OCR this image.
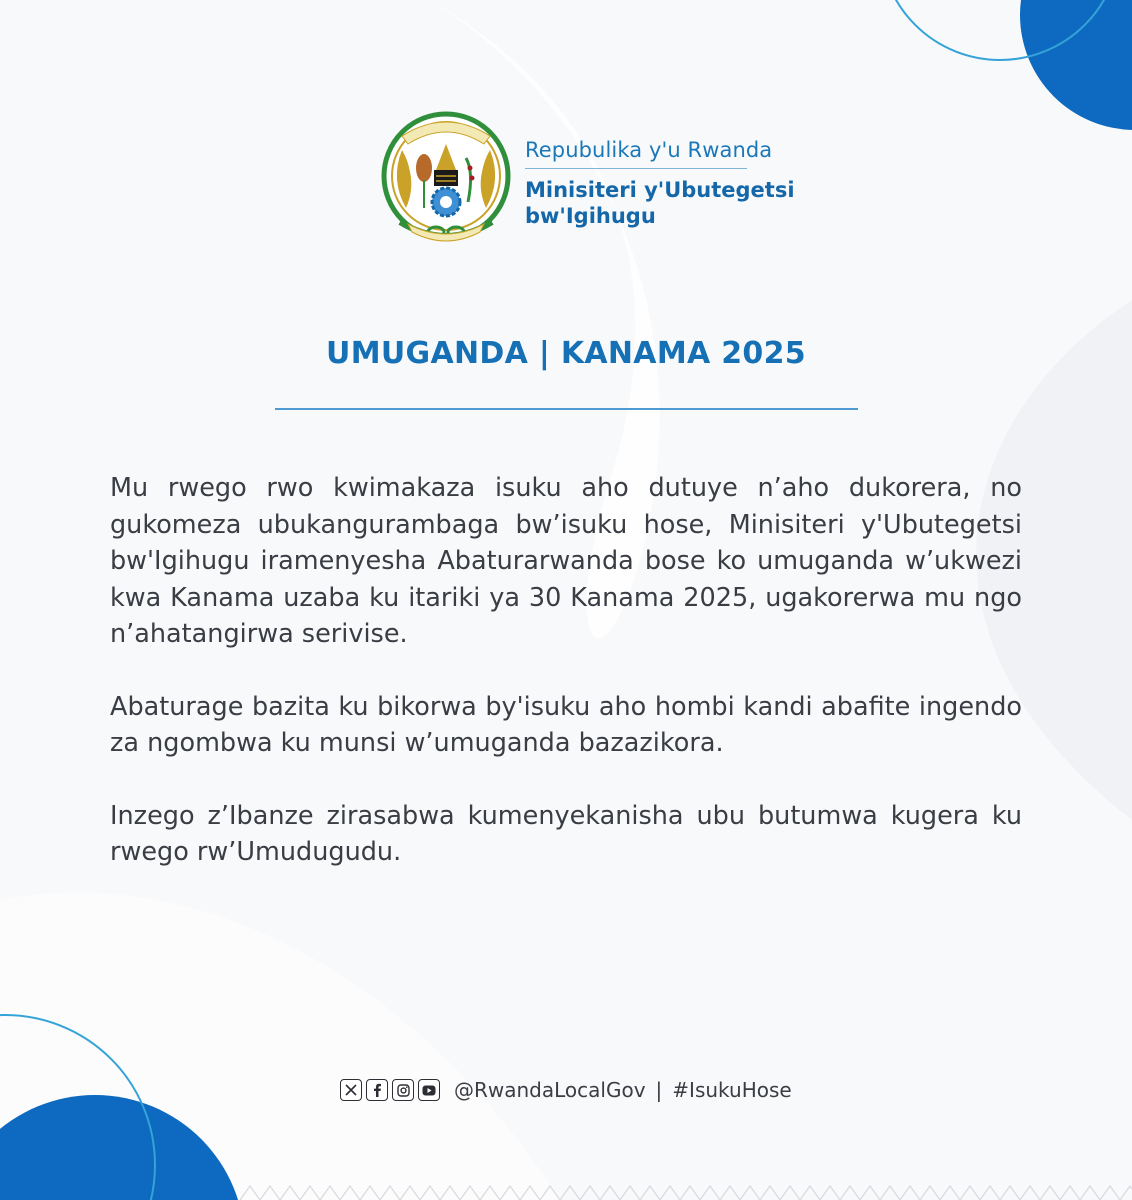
Repubulika y'u Rwanda
Minisiteri y'Ubutegetsi
bw'Igihugu
UMUGANDA | KANAMA 2025

Mu rwego rwo kwimakaza isuku aho dutuye n’aho dukorera, no gukomeza ubukangurambaga bw’isuku hose, Minisiteri y'Ubutegetsi bw'Igihugu iramenyesha Abaturarwanda bose ko umuganda w’ukwezi kwa Kanama uzaba ku itariki ya 30 Kanama 2025, ugakorerwa mu ngo n’ahatangirwa serivise.

Abaturage bazita ku bikorwa by'isuku aho hombi kandi abafite ingendo za ngombwa ku munsi w’umuganda bazazikora.

Inzego z’Ibanze zirasabwa kumenyekanisha ubu butumwa kugera ku rwego rw’Umudugudu.

@RwandaLocalGov | #IsukuHose
